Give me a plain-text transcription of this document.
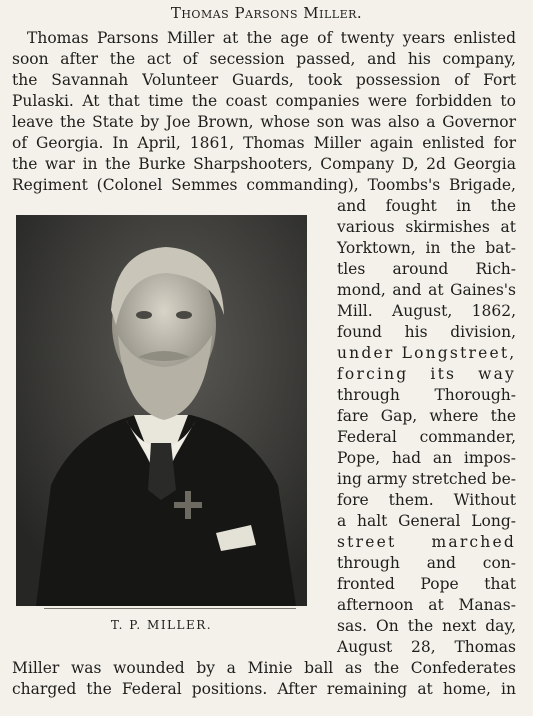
Thomas Parsons Miller.
Thomas Parsons Miller at the age of twenty years enlisted
soon after the act of secession passed, and his company,
the Savannah Volunteer Guards, took possession of Fort
Pulaski. At that time the coast companies were forbidden to
leave the State by Joe Brown, whose son was also a Governor
of Georgia. In April, 1861, Thomas Miller again enlisted for
the war in the Burke Sharpshooters, Company D, 2d Georgia
Regiment (Colonel Semmes commanding), Toombs's Brigade,
T. P. MILLER.
and fought in the
various skirmishes at
Yorktown, in the bat-
tles around Rich-
mond, and at Gaines's
Mill. August, 1862,
found his division,
under Longstreet,
forcing its way
through Thorough-
fare Gap, where the
Federal commander,
Pope, had an impos-
ing army stretched be-
fore them. Without
a halt General Long-
street marched
through and con-
fronted Pope that
afternoon at Manas-
sas. On the next day,
August 28, Thomas
Miller was wounded by a Minie ball as the Confederates
charged the Federal positions. After remaining at home, in
